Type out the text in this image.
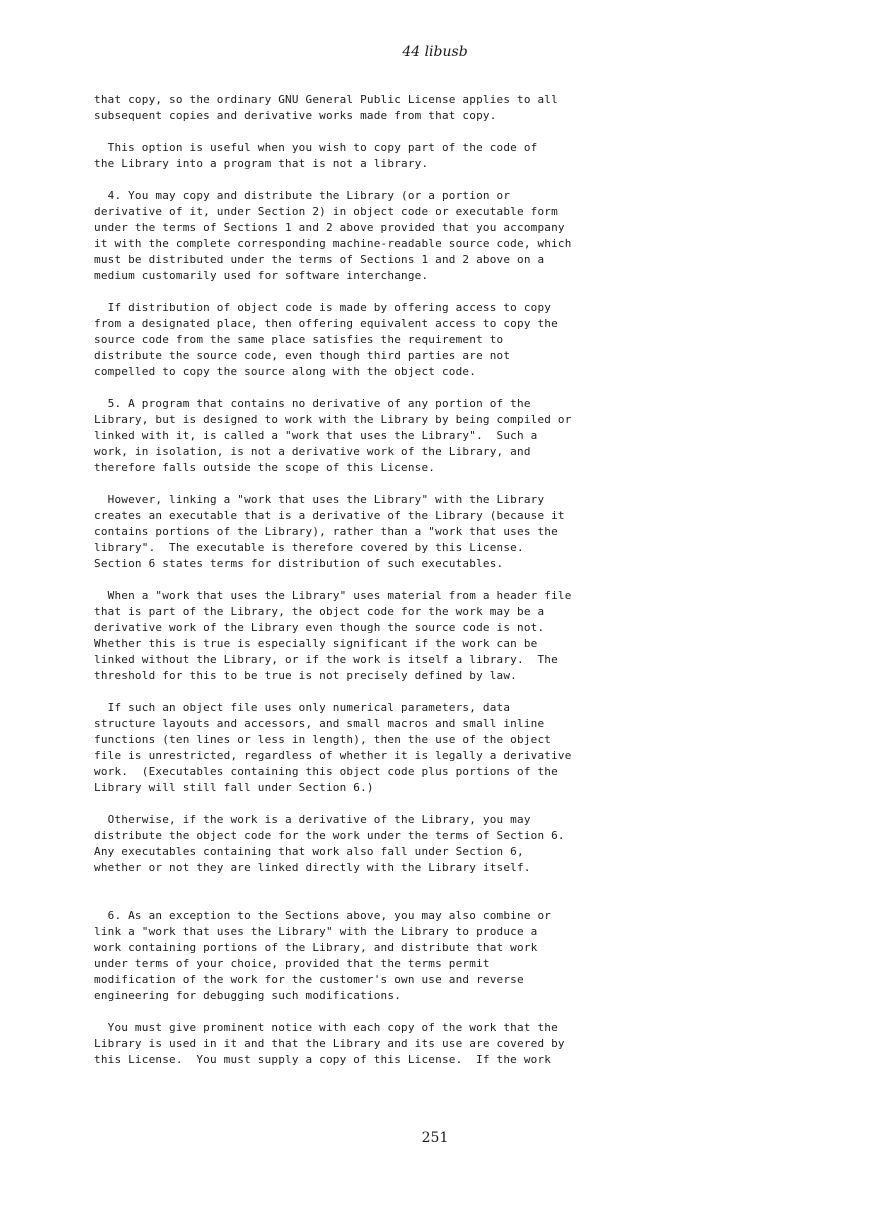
44 libusb

that copy, so the ordinary GNU General Public License applies to all
subsequent copies and derivative works made from that copy.

This option is useful when you wish to copy part of the code of
the Library into a program that is not a library.

4. You may copy and distribute the Library (or a portion or
derivative of it, under Section 2) in object code or executable form
under the terms of Sections 1 and 2 above provided that you accompany
it with the complete corresponding machine-readable source code, which
must be distributed under the terms of Sections 1 and 2 above on a
medium customarily used for software interchange.

If distribution of object code is made by offering access to copy
from a designated place, then offering equivalent access to copy the
source code from the same place satisfies the requirement to
distribute the source code, even though third parties are not
compelled to copy the source along with the object code.

5. A program that contains no derivative of any portion of the
Library, but is designed to work with the Library by being compiled or
linked with it, is called a "work that uses the Library".  Such a
work, in isolation, is not a derivative work of the Library, and
therefore falls outside the scope of this License.

However, linking a "work that uses the Library" with the Library
creates an executable that is a derivative of the Library (because it
contains portions of the Library), rather than a "work that uses the
library".  The executable is therefore covered by this License.
Section 6 states terms for distribution of such executables.

When a "work that uses the Library" uses material from a header file
that is part of the Library, the object code for the work may be a
derivative work of the Library even though the source code is not.
Whether this is true is especially significant if the work can be
linked without the Library, or if the work is itself a library.  The
threshold for this to be true is not precisely defined by law.

If such an object file uses only numerical parameters, data
structure layouts and accessors, and small macros and small inline
functions (ten lines or less in length), then the use of the object
file is unrestricted, regardless of whether it is legally a derivative
work.  (Executables containing this object code plus portions of the
Library will still fall under Section 6.)

Otherwise, if the work is a derivative of the Library, you may
distribute the object code for the work under the terms of Section 6.
Any executables containing that work also fall under Section 6,
whether or not they are linked directly with the Library itself.

6. As an exception to the Sections above, you may also combine or
link a "work that uses the Library" with the Library to produce a
work containing portions of the Library, and distribute that work
under terms of your choice, provided that the terms permit
modification of the work for the customer's own use and reverse
engineering for debugging such modifications.

You must give prominent notice with each copy of the work that the
Library is used in it and that the Library and its use are covered by
this License.  You must supply a copy of this License.  If the work

251
